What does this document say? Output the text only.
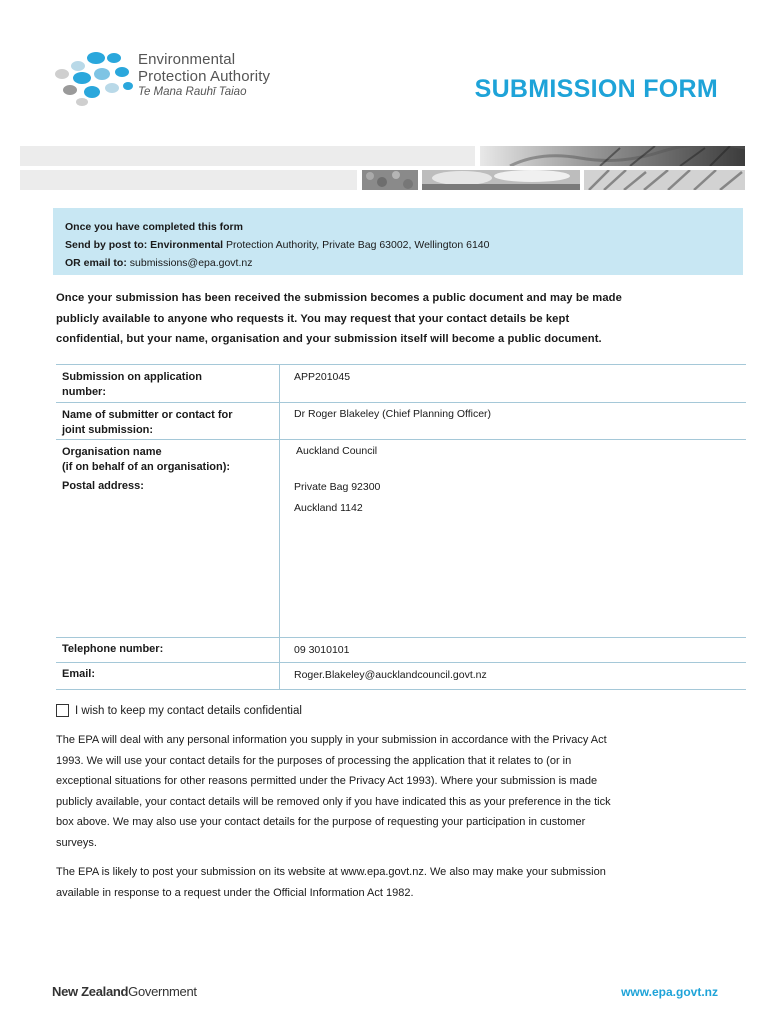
Environmental
Protection Authority
Te Mana Rauhī Taiao	SUBMISSION FORM
Once you have completed this form
Send by post to: Environmental Protection Authority, Private Bag 63002, Wellington 6140
OR email to: submissions@epa.govt.nz
Once your submission has been received the submission becomes a public document and may be made
publicly available to anyone who requests it. You may request that your contact details be kept
confidential, but your name, organisation and your submission itself will become a public document.
Submission on application
number:
APP201045
Name of submitter or contact for
joint submission:
Dr Roger Blakeley (Chief Planning Officer)
Organisation name
(if on behalf of an organisation):
Auckland Council
Postal address:	Private Bag 92300
Auckland 1142
Telephone number:	09 3010101
Email:	Roger.Blakeley@aucklandcouncil.govt.nz
I wish to keep my contact details confidential
The EPA will deal with any personal information you supply in your submission in accordance with the Privacy Act
1993. We will use your contact details for the purposes of processing the application that it relates to (or in
exceptional situations for other reasons permitted under the Privacy Act 1993). Where your submission is made
publicly available, your contact details will be removed only if you have indicated this as your preference in the tick
box above. We may also use your contact details for the purpose of requesting your participation in customer
surveys.
The EPA is likely to post your submission on its website at www.epa.govt.nz. We also may make your submission
available in response to a request under the Official Information Act 1982.
New ZealandGovernment	www.epa.govt.nz
